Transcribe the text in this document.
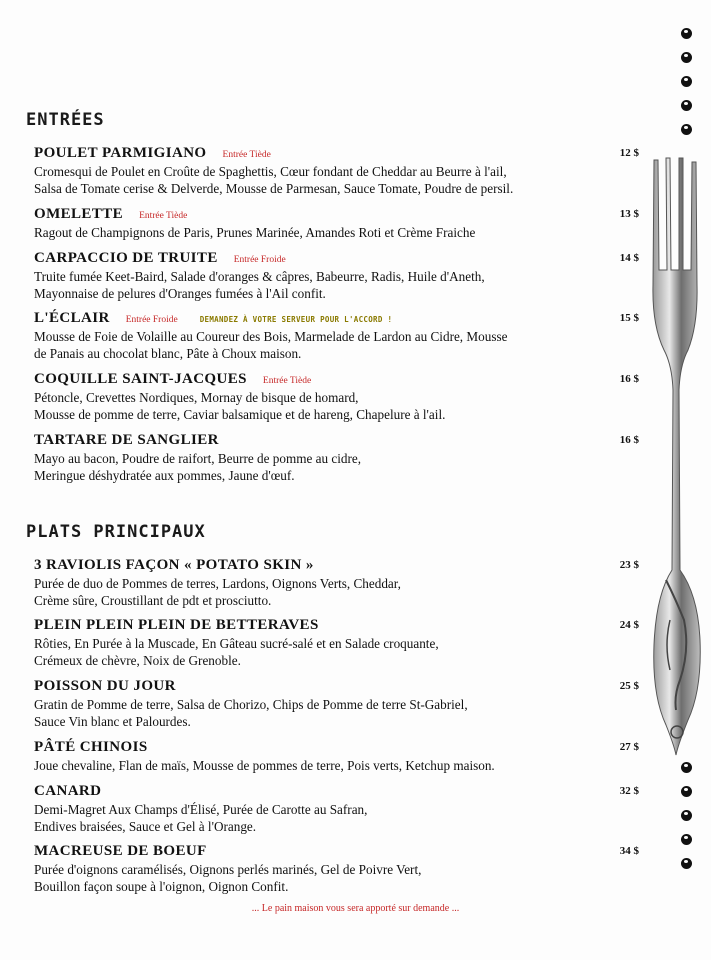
ENTRÉES
POULET PARMIGIANO Entrée Tiède	12 $
Cromesqui de Poulet en Croûte de Spaghettis, Cœur fondant de Cheddar au Beurre à l'ail,
Salsa de Tomate cerise & Delverde, Mousse de Parmesan, Sauce Tomate, Poudre de persil.
OMELETTE Entrée Tiède	13 $
Ragout de Champignons de Paris, Prunes Marinée, Amandes Roti et Crème Fraiche
CARPACCIO DE TRUITE Entrée Froide	14 $
Truite fumée Keet-Baird, Salade d'oranges & câpres, Babeurre, Radis, Huile d'Aneth,
Mayonnaise de pelures d'Oranges fumées à l'Ail confit.
L'ÉCLAIR Entrée Froide	DEMANDEZ À VOTRE SERVEUR POUR L'ACCORD !	15 $
Mousse de Foie de Volaille au Coureur des Bois, Marmelade de Lardon au Cidre, Mousse
de Panais au chocolat blanc, Pâte à Choux maison.
COQUILLE SAINT-JACQUES Entrée Tiède	16 $
Pétoncle, Crevettes Nordiques, Mornay de bisque de homard,
Mousse de pomme de terre, Caviar balsamique et de hareng, Chapelure à l'ail.
TARTARE DE SANGLIER	16 $
Mayo au bacon, Poudre de raifort, Beurre de pomme au cidre,
Meringue déshydratée aux pommes, Jaune d'œuf.
PLATS PRINCIPAUX
3 RAVIOLIS FAÇON « POTATO SKIN »	23 $
Purée de duo de Pommes de terres, Lardons, Oignons Verts, Cheddar,
Crème sûre, Croustillant de pdt et prosciutto.
PLEIN PLEIN PLEIN DE BETTERAVES	24 $
Rôties, En Purée à la Muscade, En Gâteau sucré-salé et en Salade croquante,
Crémeux de chèvre, Noix de Grenoble.
POISSON DU JOUR	25 $
Gratin de Pomme de terre, Salsa de Chorizo, Chips de Pomme de terre St-Gabriel,
Sauce Vin blanc et Palourdes.
PÂTÉ CHINOIS	27 $
Joue chevaline, Flan de maïs, Mousse de pommes de terre, Pois verts, Ketchup maison.
CANARD	32 $
Demi-Magret Aux Champs d'Élisé, Purée de Carotte au Safran,
Endives braisées, Sauce et Gel à l'Orange.
MACREUSE DE BOEUF	34 $
Purée d'oignons caramélisés, Oignons perlés marinés, Gel de Poivre Vert,
Bouillon façon soupe à l'oignon, Oignon Confit.
... Le pain maison vous sera apporté sur demande ...
